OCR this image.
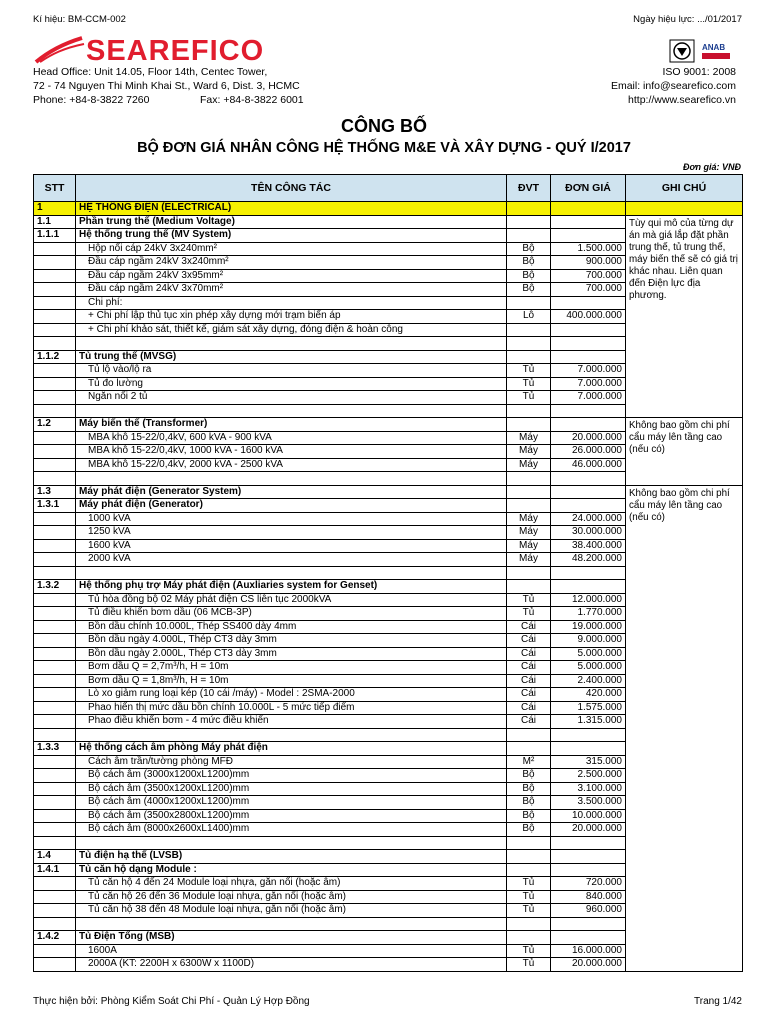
Kí hiệu: BM-CCM-002	Ngày hiệu lực: .../01/2017
SEAREFICO	ANAB
Head Office: Unit 14.05, Floor 14th, Centec Tower,
72 - 74 Nguyen Thi Minh Khai St., Ward 6, Dist. 3, HCMC
Phone: +84-8-3822 7260	Fax: +84-8-3822 6001
ISO 9001: 2008
Email: info@searefico.com
http://www.searefico.vn
CÔNG BỐ
BỘ ĐƠN GIÁ NHÂN CÔNG HỆ THỐNG M&E VÀ XÂY DỰNG - QUÝ I/2017
Đơn giá: VNĐ
STT	TÊN CÔNG TÁC	ĐVT	ĐƠN GIÁ	GHI CHÚ
1	HỆ THỐNG ĐIỆN (ELECTRICAL)			
1.1	Phần trung thế (Medium Voltage)			Tùy qui mô của từng dự án mà giá lắp đặt phần trung thế, tủ trung thế, máy biến thế sẽ có giá trị khác nhau. Liên quan đến Điện lực địa phương.
1.1.1	Hệ thống trung thế (MV System)			
	Hộp nối cáp 24kV 3x240mm²	Bộ	1.500.000	
	Đầu cáp ngầm 24kV 3x240mm²	Bộ	900.000	
	Đầu cáp ngầm 24kV 3x95mm²	Bộ	700.000	
	Đầu cáp ngầm 24kV 3x70mm²	Bộ	700.000	
	Chi phí:			
	+ Chi phí lập thủ tục xin phép xây dựng mới trạm biến áp	Lô	400.000.000	
	+ Chi phí khảo sát, thiết kế, giám sát xây dựng, đóng điện & hoàn công			

1.1.2	Tủ trung thế (MVSG)			
	Tủ lộ vào/lộ ra	Tủ	7.000.000	
	Tủ đo lường	Tủ	7.000.000	
	Ngăn nối 2 tủ	Tủ	7.000.000	

1.2	Máy biến thế (Transformer)			Không bao gồm chi phí cẩu máy lên tầng cao (nếu có)
	MBA khô 15-22/0,4kV, 600 kVA - 900 kVA	Máy	20.000.000	
	MBA khô 15-22/0,4kV, 1000 kVA - 1600 kVA	Máy	26.000.000	
	MBA khô 15-22/0,4kV, 2000 kVA - 2500 kVA	Máy	46.000.000	

1.3	Máy phát điện (Generator System)			Không bao gồm chi phí cẩu máy lên tầng cao (nếu có)
1.3.1	Máy phát điện (Generator)			
	1000 kVA	Máy	24.000.000	
	1250 kVA	Máy	30.000.000	
	1600 kVA	Máy	38.400.000	
	2000 kVA	Máy	48.200.000	

1.3.2	Hệ thống phụ trợ Máy phát điện (Auxliaries system for Genset)			
	Tủ hòa đồng bộ 02 Máy phát điện CS liên tục 2000kVA	Tủ	12.000.000	
	Tủ điều khiển bơm dầu (06 MCB-3P)	Tủ	1.770.000	
	Bồn dầu chính 10.000L, Thép SS400 dày 4mm	Cái	19.000.000	
	Bồn dầu ngày 4.000L, Thép CT3 dày 3mm	Cái	9.000.000	
	Bồn dầu ngày 2.000L, Thép CT3 dày 3mm	Cái	5.000.000	
	Bơm dầu Q = 2,7m³/h, H = 10m	Cái	5.000.000	
	Bơm dầu Q = 1,8m³/h, H = 10m	Cái	2.400.000	
	Lò xo giảm rung loại kép (10 cái /máy) - Model : 2SMA-2000	Cái	420.000	
	Phao hiển thị mức dầu bồn chính 10.000L - 5 mức tiếp điểm	Cái	1.575.000	
	Phao điều khiển bơm - 4 mức điều khiển	Cái	1.315.000	

1.3.3	Hệ thống cách âm phòng Máy phát điện			
	Cách âm trần/tường phòng MFĐ	M²	315.000	
	Bộ cách âm (3000x1200xL1200)mm	Bộ	2.500.000	
	Bộ cách âm (3500x1200xL1200)mm	Bộ	3.100.000	
	Bộ cách âm (4000x1200xL1200)mm	Bộ	3.500.000	
	Bộ cách âm (3500x2800xL1200)mm	Bộ	10.000.000	
	Bộ cách âm (8000x2600xL1400)mm	Bộ	20.000.000	

1.4	Tủ điện hạ thế (LVSB)			
1.4.1	Tủ căn hộ dạng Module :			
	Tủ căn hộ 4 đến 24 Module loại nhựa, gắn nổi (hoặc âm)	Tủ	720.000	
	Tủ căn hộ 26 đến 36 Module loại nhựa, gắn nổi (hoặc âm)	Tủ	840.000	
	Tủ căn hộ 38 đến 48 Module loại nhựa, gắn nổi (hoặc âm)	Tủ	960.000	

1.4.2	Tủ Điện Tổng (MSB)			
	1600A	Tủ	16.000.000	
	2000A (KT: 2200H x 6300W x 1100D)	Tủ	20.000.000	
Thực hiện bởi: Phòng Kiểm Soát Chi Phí - Quản Lý Hợp Đồng	Trang 1/42
